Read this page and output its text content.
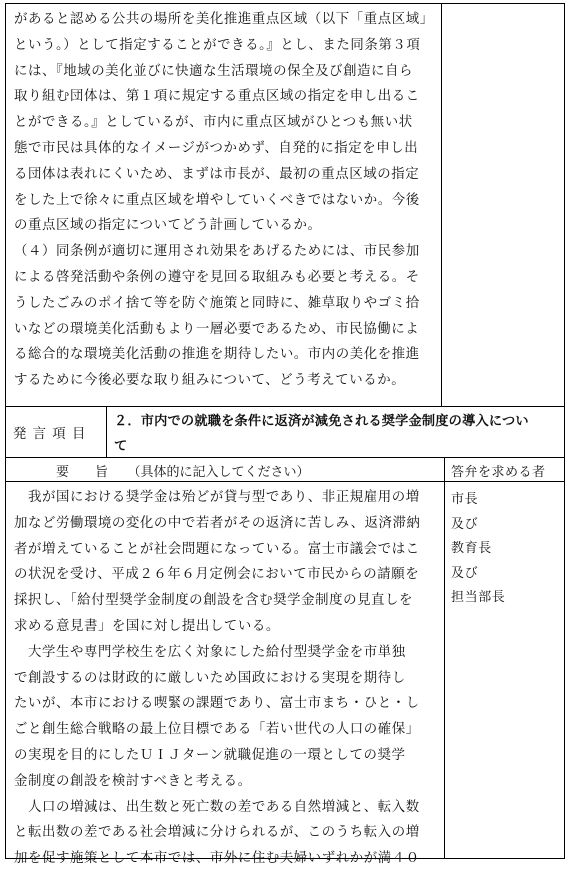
があると認める公共の場所を美化推進重点区域（以下「重点区域」
という。）として指定することができる。』とし、また同条第３項
には、『地域の美化並びに快適な生活環境の保全及び創造に自ら
取り組む団体は、第１項に規定する重点区域の指定を申し出るこ
とができる。』としているが、市内に重点区域がひとつも無い状
態で市民は具体的なイメージがつかめず、自発的に指定を申し出
る団体は表れにくいため、まずは市長が、最初の重点区域の指定
をした上で徐々に重点区域を増やしていくべきではないか。今後
の重点区域の指定についてどう計画しているか。
（４）同条例が適切に運用され効果をあげるためには、市民参加
による啓発活動や条例の遵守を見回る取組みも必要と考える。そ
うしたごみのポイ捨て等を防ぐ施策と同時に、雑草取りやゴミ拾
いなどの環境美化活動もより一層必要であるため、市民協働によ
る総合的な環境美化活動の推進を期待したい。市内の美化を推進
するために今後必要な取り組みについて、どう考えているか。
発 言 項 目
２．市内での就職を条件に返済が減免される奨学金制度の導入につい
て
要　　旨　　（具体的に記入してください）	答弁を求める者
　我が国における奨学金は殆どが貸与型であり、非正規雇用の増
加など労働環境の変化の中で若者がその返済に苦しみ、返済滞納
者が増えていることが社会問題になっている。富士市議会ではこ
の状況を受け、平成２６年６月定例会において市民からの請願を
採択し、「給付型奨学金制度の創設を含む奨学金制度の見直しを
求める意見書」を国に対し提出している。
　大学生や専門学校生を広く対象にした給付型奨学金を市単独
で創設するのは財政的に厳しいため国政における実現を期待し
たいが、本市における喫緊の課題であり、富士市まち・ひと・し
ごと創生総合戦略の最上位目標である「若い世代の人口の確保」
の実現を目的にしたＵＩＪターン就職促進の一環としての奨学
金制度の創設を検討すべきと考える。
　人口の増減は、出生数と死亡数の差である自然増減と、転入数
と転出数の差である社会増減に分けられるが、このうち転入の増
加を促す施策として本市では、市外に住む夫婦いずれかが満４０
市長
及び
教育長
及び
担当部長
